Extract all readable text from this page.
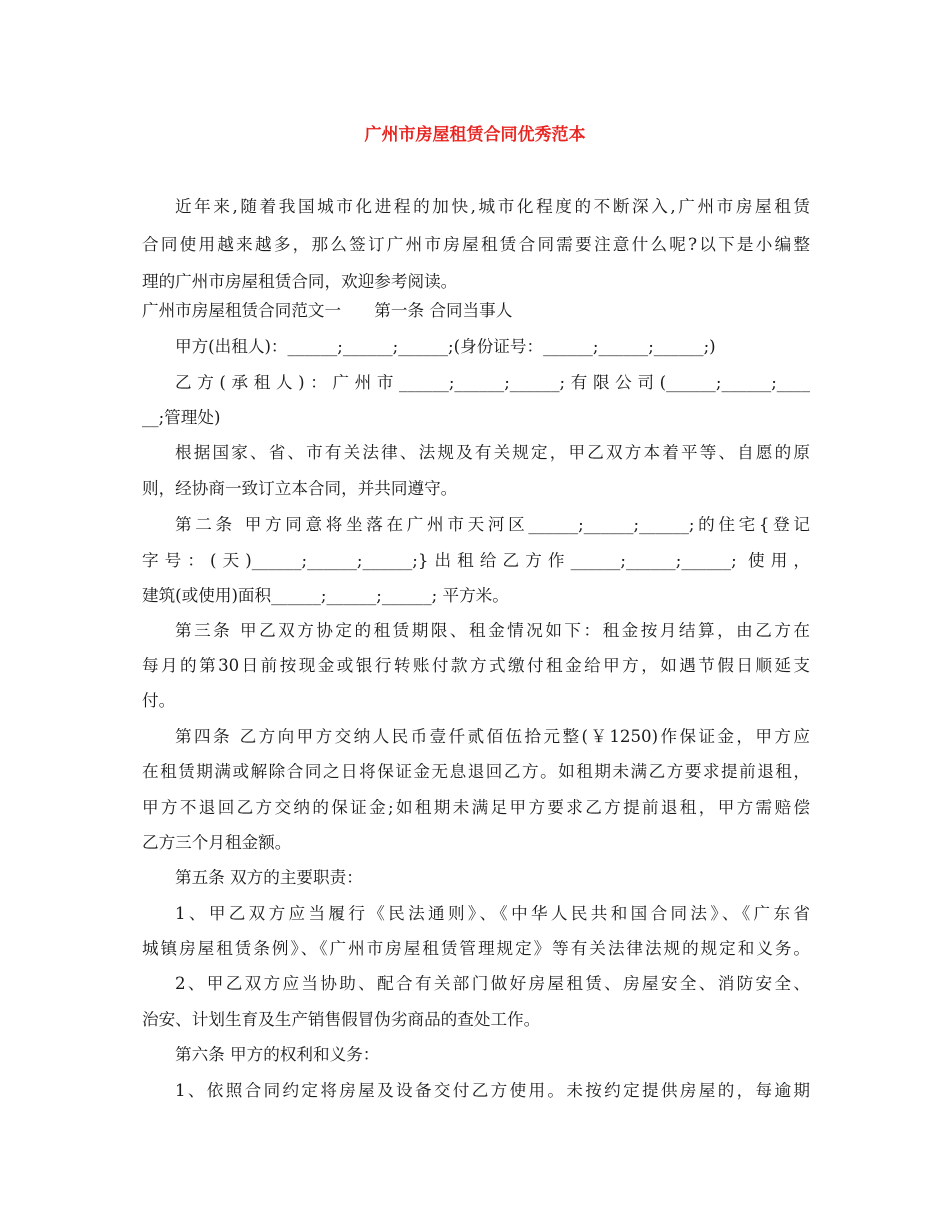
广州市房屋租赁合同优秀范本
近年来,随着我国城市化进程的加快,城市化程度的不断深入,广州市房屋租赁
合同使用越来越多，那么签订广州市房屋租赁合同需要注意什么呢?以下是小编整
理的广州市房屋租赁合同，欢迎参考阅读。
广州市房屋租赁合同范文一　　第一条 合同当事人
甲方(出租人)：______;______;______;(身份证号：______;______;______;)
乙方(承租人)：广州市______;______;______;有限公司(______;______;____
__;管理处)
根据国家、省、市有关法律、法规及有关规定，甲乙双方本着平等、自愿的原
则，经协商一致订立本合同，并共同遵守。
第二条 甲方同意将坐落在广州市天河区______;______;______;的住宅{登记
字号：(天)______;______;______;}出租给乙方作______;______;______; 使用，
建筑(或使用)面积______;______;______; 平方米。
第三条 甲乙双方协定的租赁期限、租金情况如下：租金按月结算，由乙方在
每月的第30日前按现金或银行转账付款方式缴付租金给甲方，如遇节假日顺延支
付。
第四条 乙方向甲方交纳人民币壹仟贰佰伍拾元整(￥1250)作保证金，甲方应
在租赁期满或解除合同之日将保证金无息退回乙方。如租期未满乙方要求提前退租，
甲方不退回乙方交纳的保证金;如租期未满足甲方要求乙方提前退租，甲方需赔偿
乙方三个月租金额。
第五条 双方的主要职责：
1、甲乙双方应当履行《民法通则》、《中华人民共和国合同法》、《广东省
城镇房屋租赁条例》、《广州市房屋租赁管理规定》等有关法律法规的规定和义务。
2、甲乙双方应当协助、配合有关部门做好房屋租赁、房屋安全、消防安全、
治安、计划生育及生产销售假冒伪劣商品的查处工作。
第六条 甲方的权利和义务：
1、依照合同约定将房屋及设备交付乙方使用。未按约定提供房屋的，每逾期
